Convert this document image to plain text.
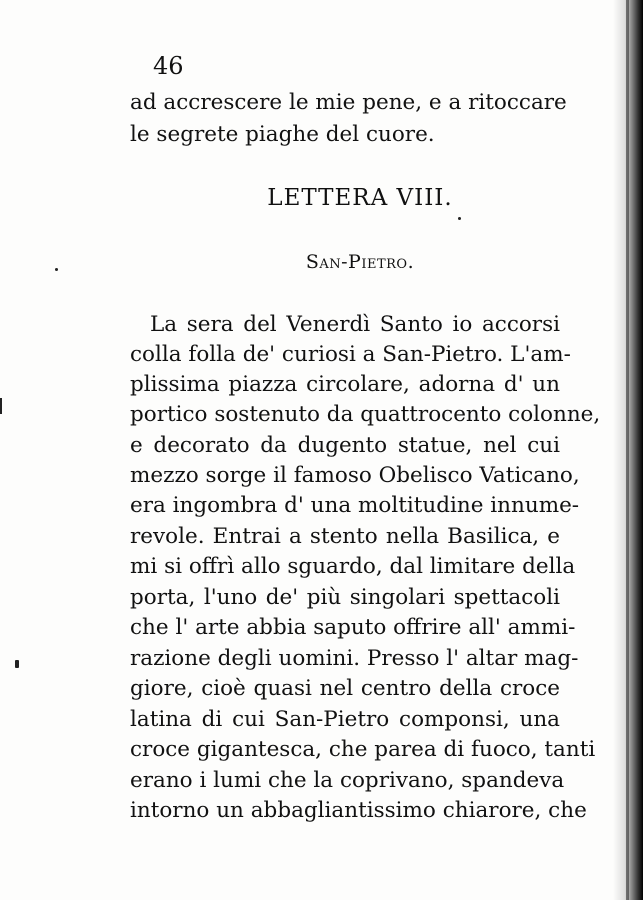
46
ad accrescere le mie pene, e a ritoccare
le segrete piaghe del cuore.
LETTERA VIII.
San-Pietro.
La sera del Venerdì Santo io accorsi
colla folla de' curiosi a San-Pietro. L'am-
plissima piazza circolare, adorna d' un
portico sostenuto da quattrocento colonne,
e decorato da dugento statue, nel cui
mezzo sorge il famoso Obelisco Vaticano,
era ingombra d' una moltitudine innume-
revole. Entrai a stento nella Basilica, e
mi si offrì allo sguardo, dal limitare della
porta, l'uno de' più singolari spettacoli
che l' arte abbia saputo offrire all' ammi-
razione degli uomini. Presso l' altar mag-
giore, cioè quasi nel centro della croce
latina di cui San-Pietro componsi, una
croce gigantesca, che parea di fuoco, tanti
erano i lumi che la coprivano, spandeva
intorno un abbagliantissimo chiarore, che
